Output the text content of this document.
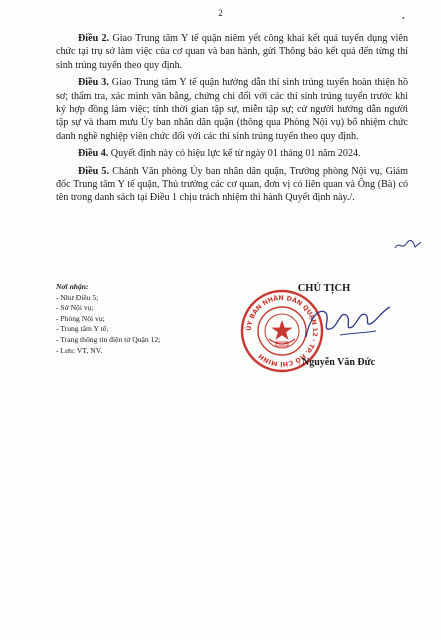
2
•

Điều 2. Giao Trung tâm Y tế quận niêm yết công khai kết quả tuyển dụng viên chức tại trụ sở làm việc của cơ quan và ban hành, gửi Thông báo kết quả đến từng thí sinh trúng tuyển theo quy định.

Điều 3. Giao Trung tâm Y tế quận hướng dẫn thí sinh trúng tuyển hoàn thiện hồ sơ; thẩm tra, xác minh văn bằng, chứng chỉ đối với các thí sinh trúng tuyển trước khi ký hợp đồng làm việc; tính thời gian tập sự, miễn tập sự; cử người hướng dẫn người tập sự và tham mưu Ủy ban nhân dân quận (thông qua Phòng Nội vụ) bổ nhiệm chức danh nghề nghiệp viên chức đối với các thí sinh trúng tuyển theo quy định.

Điều 4. Quyết định này có hiệu lực kể từ ngày 01 tháng 01 năm 2024.

Điều 5. Chánh Văn phòng Ủy ban nhân dân quận, Trưởng phòng Nội vụ, Giám đốc Trung tâm Y tế quận, Thủ trưởng các cơ quan, đơn vị có liên quan và Ông (Bà) có tên trong danh sách tại Điều 1 chịu trách nhiệm thi hành Quyết định này./.

Nơi nhận:
- Như Điều 5;
- Sở Nội vụ;
- Phòng Nội vụ;
- Trung tâm Y tế;
- Trang thông tin điện tử Quận 12;
- Lưu: VT, NV.
CHỦ TỊCH
ỦY BAN NHÂN DÂN QUẬN 12 · TP. HỒ CHÍ MINH
Nguyễn Văn Đức
